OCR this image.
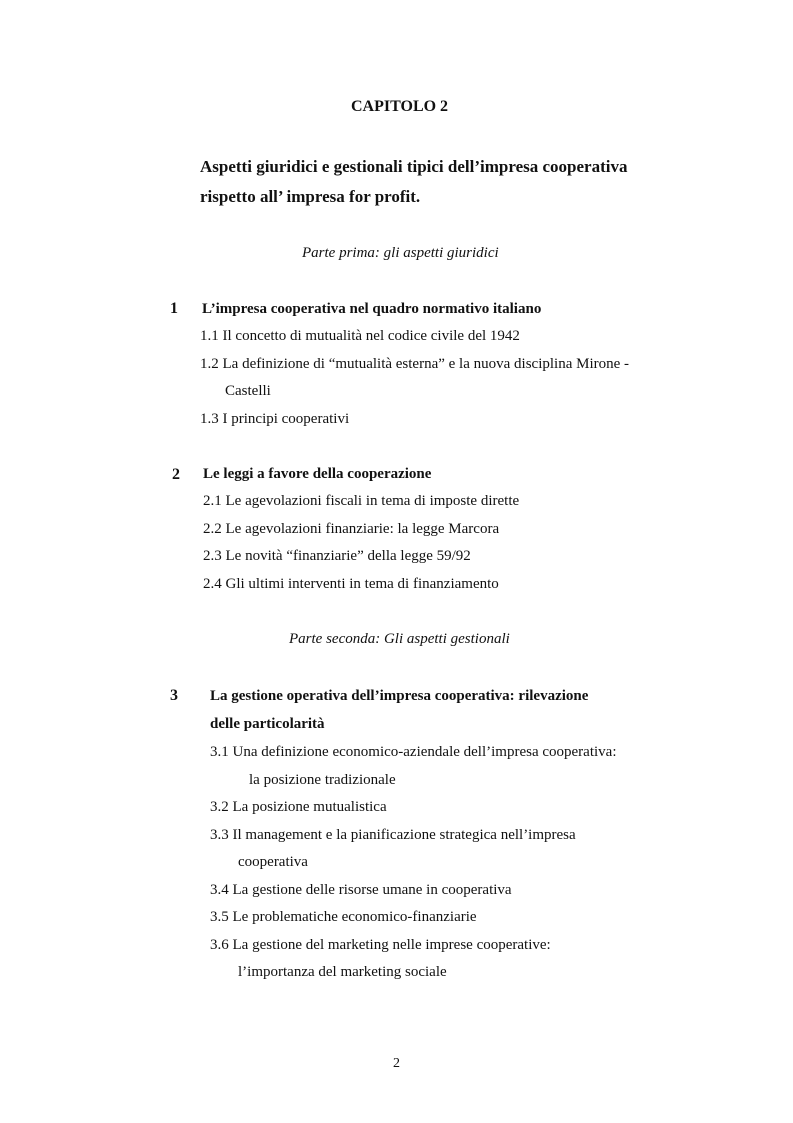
CAPITOLO 2
Aspetti giuridici e gestionali tipici dell’impresa cooperativa
rispetto all’ impresa for profit.
Parte prima: gli aspetti giuridici
1 L’impresa cooperativa nel quadro normativo italiano
1.1 Il concetto di mutualità nel codice civile del 1942
1.2 La definizione di “mutualità esterna” e la nuova disciplina Mirone -
Castelli
1.3 I principi cooperativi
2 Le leggi a favore della cooperazione
2.1 Le agevolazioni fiscali in tema di imposte dirette
2.2 Le agevolazioni finanziarie: la legge Marcora
2.3 Le novità “finanziarie” della legge 59/92
2.4 Gli ultimi interventi in tema di finanziamento
Parte seconda: Gli aspetti gestionali
3 La gestione operativa dell’impresa cooperativa: rilevazione
delle particolarità
3.1 Una definizione economico-aziendale dell’impresa cooperativa:
la posizione tradizionale
3.2 La posizione mutualistica
3.3 Il management e la pianificazione strategica nell’impresa
cooperativa
3.4 La gestione delle risorse umane in cooperativa
3.5 Le problematiche economico-finanziarie
3.6 La gestione del marketing nelle imprese cooperative:
l’importanza del marketing sociale
2
